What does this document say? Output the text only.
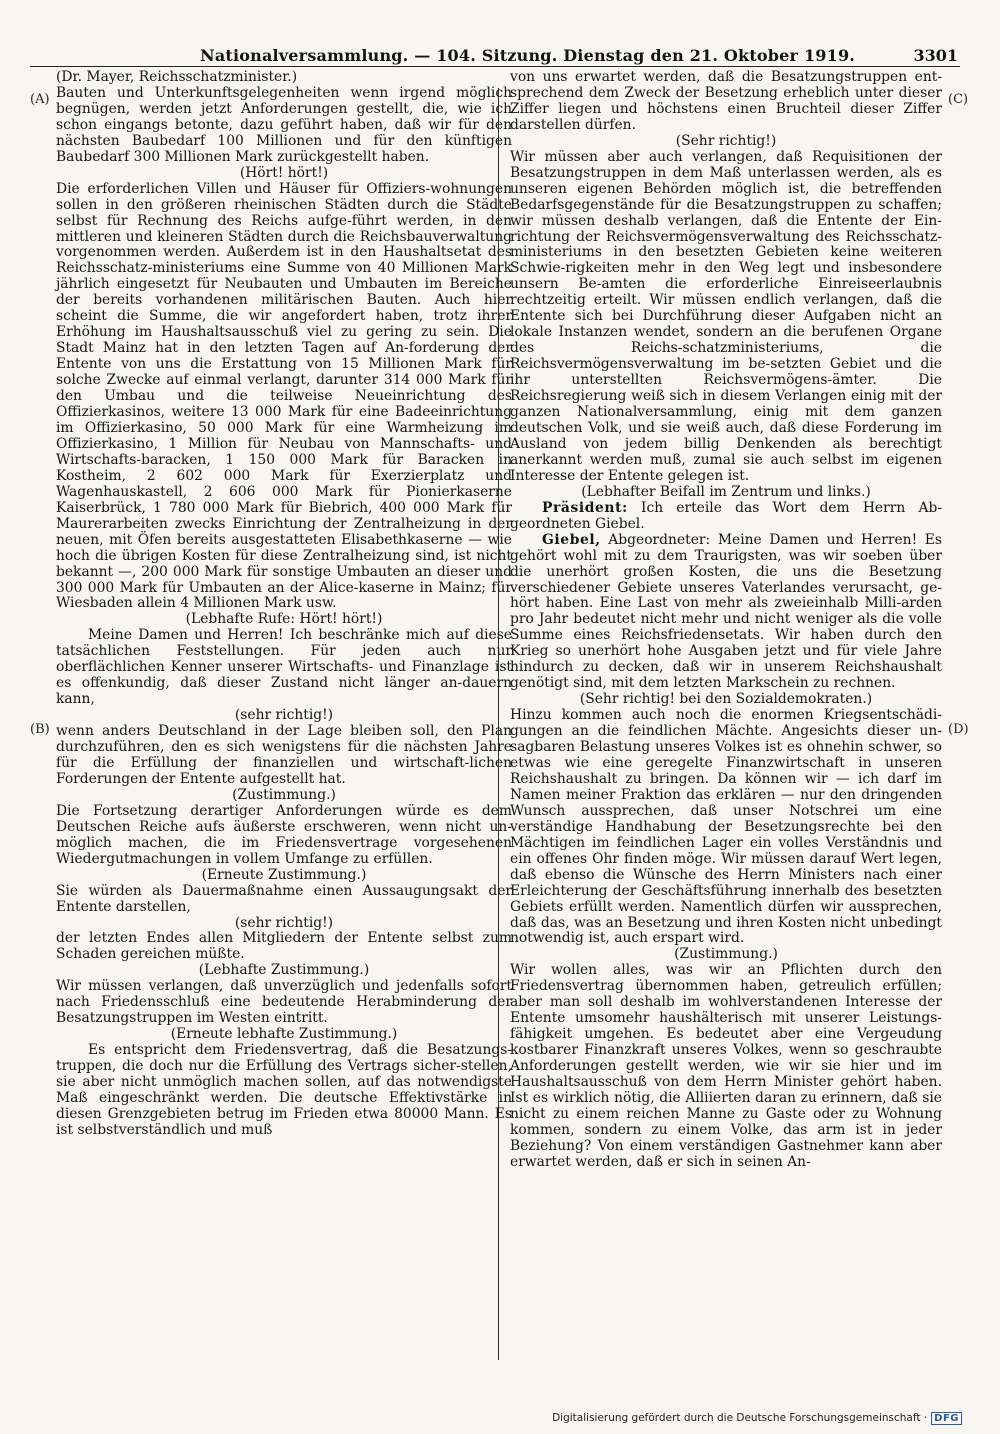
Nationalversammlung. — 104. Sitzung. Dienstag den 21. Oktober 1919.	3301
(A)
(B)
(C)
(D)

(Dr. Mayer, Reichsschatzminister.)

Bauten und Unterkunftsgelegenheiten wenn irgend möglich begnügen, werden jetzt Anforderungen gestellt, die, wie ich schon eingangs betonte, dazu geführt haben, daß wir für den nächsten Baubedarf 100 Millionen und für den künftigen Baubedarf 300 Millionen Mark zurückgestellt haben.

(Hört! hört!)

Die erforderlichen Villen und Häuser für Offiziers-wohnungen sollen in den größeren rheinischen Städten durch die Städte selbst für Rechnung des Reichs aufge-führt werden, in den mittleren und kleineren Städten durch die Reichsbauverwaltung vorgenommen werden. Außerdem ist in den Haushaltsetat des Reichsschatz-ministeriums eine Summe von 40 Millionen Mark jährlich eingesetzt für Neubauten und Umbauten im Bereiche der bereits vorhandenen militärischen Bauten. Auch hier scheint die Summe, die wir angefordert haben, trotz ihrer Erhöhung im Haushaltsausschuß viel zu gering zu sein. Die Stadt Mainz hat in den letzten Tagen auf An-forderung der Entente von uns die Erstattung von 15 Millionen Mark für solche Zwecke auf einmal verlangt, darunter 314 000 Mark für den Umbau und die teilweise Neueinrichtung des Offizierkasinos, weitere 13 000 Mark für eine Badeeinrichtung im Offizierkasino, 50 000 Mark für eine Warmheizung im Offizierkasino, 1 Million für Neubau von Mannschafts- und Wirtschafts-baracken, 1 150 000 Mark für Baracken in Kostheim, 2 602 000 Mark für Exerzierplatz und Wagenhauskastell, 2 606 000 Mark für Pionierkaserne Kaiserbrück, 1 780 000 Mark für Biebrich, 400 000 Mark für Maurerarbeiten zwecks Einrichtung der Zentralheizung in der neuen, mit Öfen bereits ausgestatteten Elisabethkaserne — wie hoch die übrigen Kosten für diese Zentralheizung sind, ist nicht bekannt —, 200 000 Mark für sonstige Umbauten an dieser und 300 000 Mark für Umbauten an der Alice-kaserne in Mainz; für Wiesbaden allein 4 Millionen Mark usw.

(Lebhafte Rufe: Hört! hört!)

Meine Damen und Herren! Ich beschränke mich auf diese tatsächlichen Feststellungen. Für jeden auch nur oberflächlichen Kenner unserer Wirtschafts- und Finanzlage ist es offenkundig, daß dieser Zustand nicht länger an-dauern kann,

(sehr richtig!)

wenn anders Deutschland in der Lage bleiben soll, den Plan durchzuführen, den es sich wenigstens für die nächsten Jahre für die Erfüllung der finanziellen und wirtschaft-lichen Forderungen der Entente aufgestellt hat.

(Zustimmung.)

Die Fortsetzung derartiger Anforderungen würde es dem Deutschen Reiche aufs äußerste erschweren, wenn nicht un-möglich machen, die im Friedensvertrage vorgesehenen Wiedergutmachungen in vollem Umfange zu erfüllen.

(Erneute Zustimmung.)

Sie würden als Dauermaßnahme einen Aussaugungsakt der Entente darstellen,

(sehr richtig!)

der letzten Endes allen Mitgliedern der Entente selbst zum Schaden gereichen müßte.

(Lebhafte Zustimmung.)

Wir müssen verlangen, daß unverzüglich und jedenfalls sofort nach Friedensschluß eine bedeutende Herabminderung der Besatzungstruppen im Westen eintritt.

(Erneute lebhafte Zustimmung.)

Es entspricht dem Friedensvertrag, daß die Besatzungs-truppen, die doch nur die Erfüllung des Vertrags sicher-stellen, sie aber nicht unmöglich machen sollen, auf das notwendigste Maß eingeschränkt werden. Die deutsche Effektivstärke in diesen Grenzgebieten betrug im Frieden etwa 80000 Mann. Es ist selbstverständlich und muß

von uns erwartet werden, daß die Besatzungstruppen ent-sprechend dem Zweck der Besetzung erheblich unter dieser Ziffer liegen und höchstens einen Bruchteil dieser Ziffer darstellen dürfen.

(Sehr richtig!)

Wir müssen aber auch verlangen, daß Requisitionen der Besatzungstruppen in dem Maß unterlassen werden, als es unseren eigenen Behörden möglich ist, die betreffenden Bedarfsgegenstände für die Besatzungstruppen zu schaffen; wir müssen deshalb verlangen, daß die Entente der Ein-richtung der Reichsvermögensverwaltung des Reichsschatz-ministeriums in den besetzten Gebieten keine weiteren Schwie-rigkeiten mehr in den Weg legt und insbesondere unsern Be-amten die erforderliche Einreiseerlaubnis rechtzeitig erteilt. Wir müssen endlich verlangen, daß die Entente sich bei Durchführung dieser Aufgaben nicht an lokale Instanzen wendet, sondern an die berufenen Organe des Reichs-schatzministeriums, die Reichsvermögensverwaltung im be-setzten Gebiet und die ihr unterstellten Reichsvermögens-ämter. Die Reichsregierung weiß sich in diesem Verlangen einig mit der ganzen Nationalversammlung, einig mit dem ganzen deutschen Volk, und sie weiß auch, daß diese Forderung im Ausland von jedem billig Denkenden als berechtigt anerkannt werden muß, zumal sie auch selbst im eigenen Interesse der Entente gelegen ist.

(Lebhafter Beifall im Zentrum und links.)

Präsident: Ich erteile das Wort dem Herrn Ab-geordneten Giebel.

Giebel, Abgeordneter: Meine Damen und Herren! Es gehört wohl mit zu dem Traurigsten, was wir soeben über die unerhört großen Kosten, die uns die Besetzung verschiedener Gebiete unseres Vaterlandes verursacht, ge-hört haben. Eine Last von mehr als zweieinhalb Milli-arden pro Jahr bedeutet nicht mehr und nicht weniger als die volle Summe eines Reichsfriedensetats. Wir haben durch den Krieg so unerhört hohe Ausgaben jetzt und für viele Jahre hindurch zu decken, daß wir in unserem Reichshaushalt genötigt sind, mit dem letzten Markschein zu rechnen.

(Sehr richtig! bei den Sozialdemokraten.)

Hinzu kommen auch noch die enormen Kriegsentschädi-gungen an die feindlichen Mächte. Angesichts dieser un-sagbaren Belastung unseres Volkes ist es ohnehin schwer, so etwas wie eine geregelte Finanzwirtschaft in unseren Reichshaushalt zu bringen. Da können wir — ich darf im Namen meiner Fraktion das erklären — nur den dringenden Wunsch aussprechen, daß unser Notschrei um eine verständige Handhabung der Besetzungsrechte bei den Mächtigen im feindlichen Lager ein volles Verständnis und ein offenes Ohr finden möge. Wir müssen darauf Wert legen, daß ebenso die Wünsche des Herrn Ministers nach einer Erleichterung der Geschäftsführung innerhalb des besetzten Gebiets erfüllt werden. Namentlich dürfen wir aussprechen, daß das, was an Besetzung und ihren Kosten nicht unbedingt notwendig ist, auch erspart wird.

(Zustimmung.)

Wir wollen alles, was wir an Pflichten durch den Friedensvertrag übernommen haben, getreulich erfüllen; aber man soll deshalb im wohlverstandenen Interesse der Entente umsomehr haushälterisch mit unserer Leistungs-fähigkeit umgehen. Es bedeutet aber eine Vergeudung kostbarer Finanzkraft unseres Volkes, wenn so geschraubte Anforderungen gestellt werden, wie wir sie hier und im Haushaltsausschuß von dem Herrn Minister gehört haben. Ist es wirklich nötig, die Alliierten daran zu erinnern, daß sie nicht zu einem reichen Manne zu Gaste oder zu Wohnung kommen, sondern zu einem Volke, das arm ist in jeder Beziehung? Von einem verständigen Gastnehmer kann aber erwartet werden, daß er sich in seinen An-

Digitalisierung gefördert durch die Deutsche Forschungsgemeinschaft · DFG
